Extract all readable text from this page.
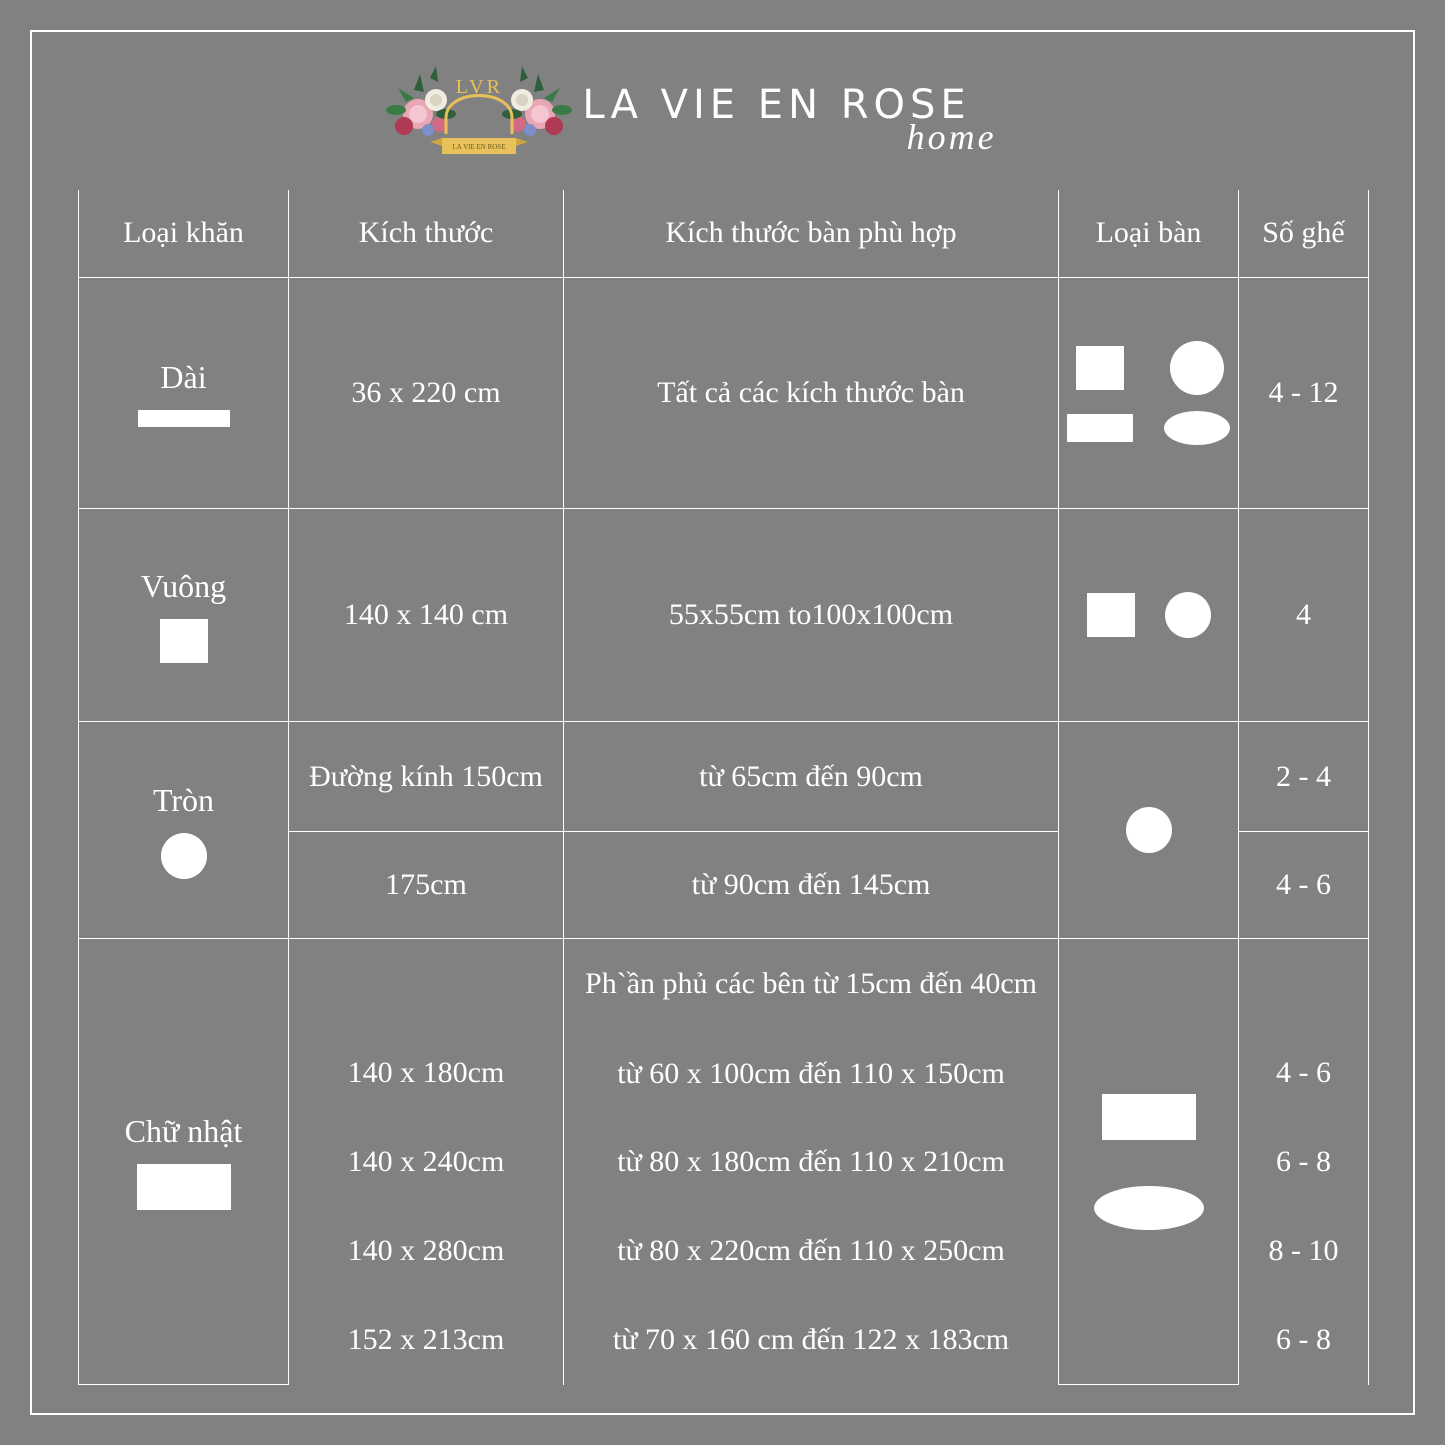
LA VIE EN ROSE
LVR	LA VIE EN ROSE
home
Loại khăn	Kích thước	Kích thước bàn phù hợp	Loại bàn	Số ghế

Dài	36 x 220 cm	Tất cả các kích thước bàn		4 - 12

Vuông	140 x 140 cm	55x55cm to100x100cm		4

Tròn	Đường kính 150cm	từ 65cm đến 90cm		2 - 4
	175cm	từ 90cm đến 145cm		4 - 6

Chữ nhật		Ph`ần phủ các bên từ 15cm đến 40cm	

	140 x 180cm	từ 60 x 100cm đến 110 x 150cm		4 - 6
	140 x 240cm	từ 80 x 180cm đến 110 x 210cm		6 - 8
	140 x 280cm	từ 80 x 220cm đến 110 x 250cm		8 - 10
	152 x 213cm	từ 70 x 160 cm đến 122 x 183cm		6 - 8
